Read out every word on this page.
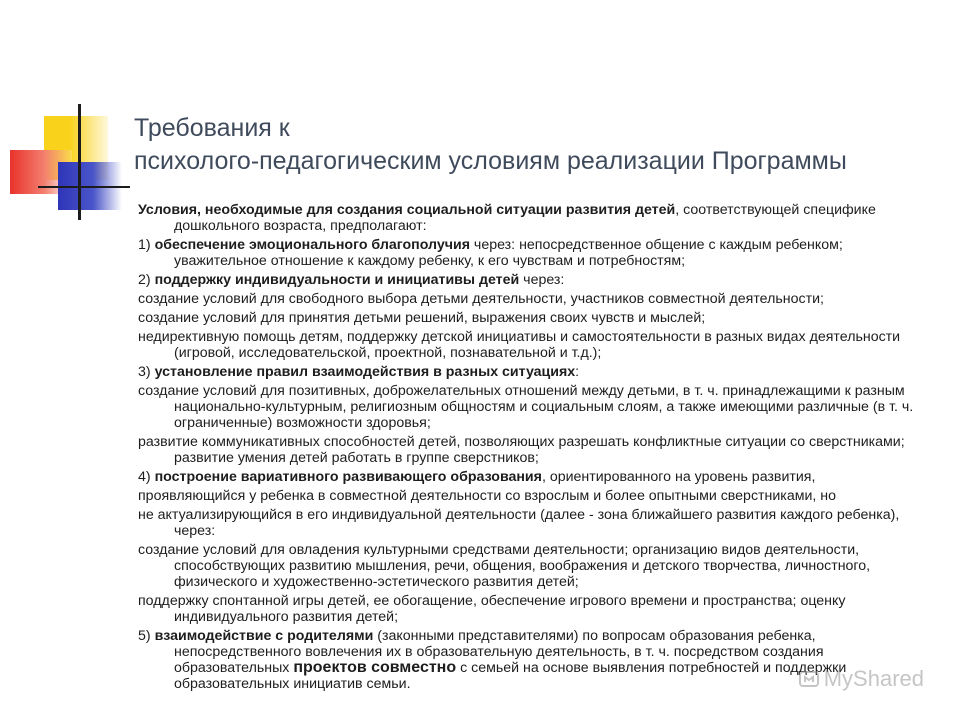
Требования к
психолого-педагогическим условиям реализации Программы
Условия, необходимые для создания социальной ситуации развития детей, соответствующей специфике дошкольного возраста, предполагают:
1) обеспечение эмоционального благополучия через: непосредственное общение с каждым ребенком; уважительное отношение к каждому ребенку, к его чувствам и потребностям;
2) поддержку индивидуальности и инициативы детей через:
создание условий для свободного выбора детьми деятельности, участников совместной деятельности;
создание условий для принятия детьми решений, выражения своих чувств и мыслей;
недирективную помощь детям, поддержку детской инициативы и самостоятельности в разных видах деятельности (игровой, исследовательской, проектной, познавательной и т.д.);
3) установление правил взаимодействия в разных ситуациях:
создание условий для позитивных, доброжелательных отношений между детьми, в т. ч. принадлежащими к разным национально-культурным, религиозным общностям и социальным слоям, а также имеющими различные (в т. ч. ограниченные) возможности здоровья;
развитие коммуникативных способностей детей, позволяющих разрешать конфликтные ситуации со сверстниками; развитие умения детей работать в группе сверстников;
4) построение вариативного развивающего образования, ориентированного на уровень развития,
проявляющийся у ребенка в совместной деятельности со взрослым и более опытными сверстниками, но
не актуализирующийся в его индивидуальной деятельности (далее - зона ближайшего развития каждого ребенка), через:
создание условий для овладения культурными средствами деятельности; организацию видов деятельности, способствующих развитию мышления, речи, общения, воображения и детского творчества, личностного, физического и художественно-эстетического развития детей;
поддержку спонтанной игры детей, ее обогащение, обеспечение игрового времени и пространства; оценку индивидуального развития детей;
5) взаимодействие с родителями (законными представителями) по вопросам образования ребенка, непосредственного вовлечения их в образовательную деятельность, в т. ч. посредством создания образовательных проектов совместно с семьей на основе выявления потребностей и поддержки образовательных инициатив семьи.	MyShared
